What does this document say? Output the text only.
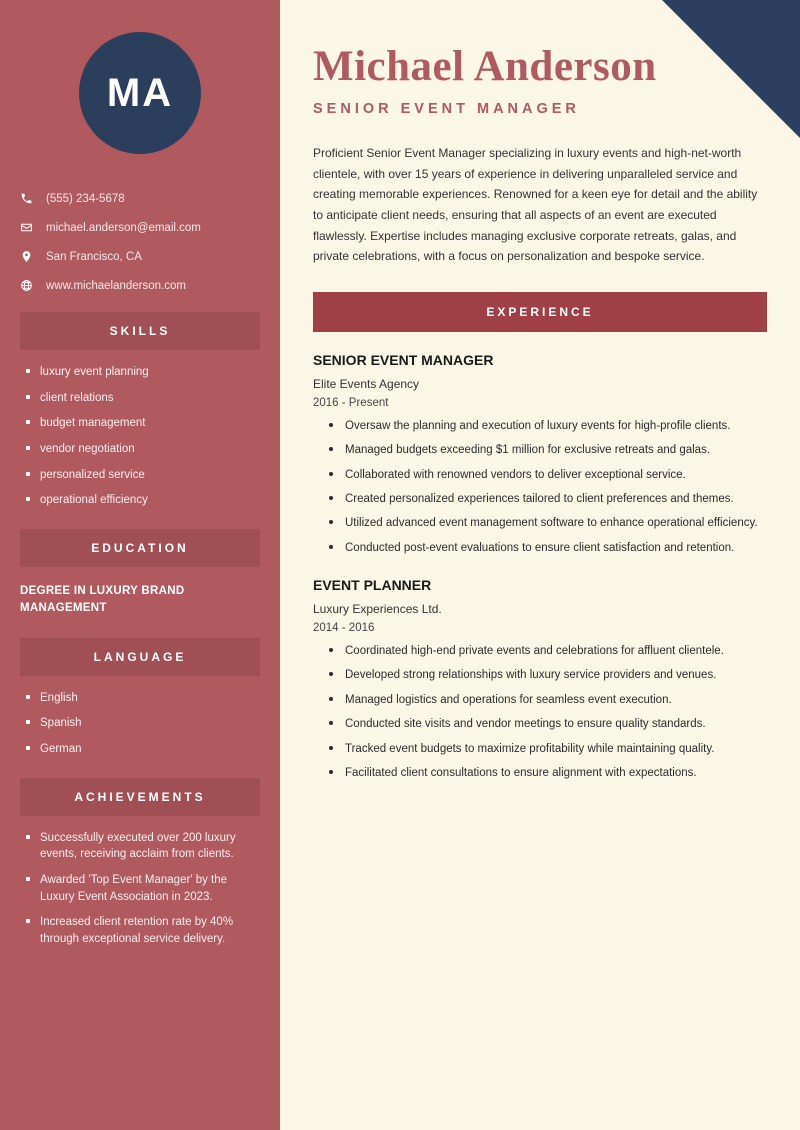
MA
(555) 234-5678
michael.anderson@email.com
San Francisco, CA
www.michaelanderson.com
SKILLS
luxury event planning
client relations
budget management
vendor negotiation
personalized service
operational efficiency
EDUCATION
DEGREE IN LUXURY BRAND MANAGEMENT
LANGUAGE
English
Spanish
German
ACHIEVEMENTS
Successfully executed over 200 luxury events, receiving acclaim from clients.
Awarded 'Top Event Manager' by the Luxury Event Association in 2023.
Increased client retention rate by 40% through exceptional service delivery.
Michael Anderson
SENIOR EVENT MANAGER

Proficient Senior Event Manager specializing in luxury events and high-net-worth clientele, with over 15 years of experience in delivering unparalleled service and creating memorable experiences. Renowned for a keen eye for detail and the ability to anticipate client needs, ensuring that all aspects of an event are executed flawlessly. Expertise includes managing exclusive corporate retreats, galas, and private celebrations, with a focus on personalization and bespoke service.

EXPERIENCE
SENIOR EVENT MANAGER
Elite Events Agency
2016 - Present
Oversaw the planning and execution of luxury events for high-profile clients.
Managed budgets exceeding $1 million for exclusive retreats and galas.
Collaborated with renowned vendors to deliver exceptional service.
Created personalized experiences tailored to client preferences and themes.
Utilized advanced event management software to enhance operational efficiency.
Conducted post-event evaluations to ensure client satisfaction and retention.
EVENT PLANNER
Luxury Experiences Ltd.
2014 - 2016
Coordinated high-end private events and celebrations for affluent clientele.
Developed strong relationships with luxury service providers and venues.
Managed logistics and operations for seamless event execution.
Conducted site visits and vendor meetings to ensure quality standards.
Tracked event budgets to maximize profitability while maintaining quality.
Facilitated client consultations to ensure alignment with expectations.
